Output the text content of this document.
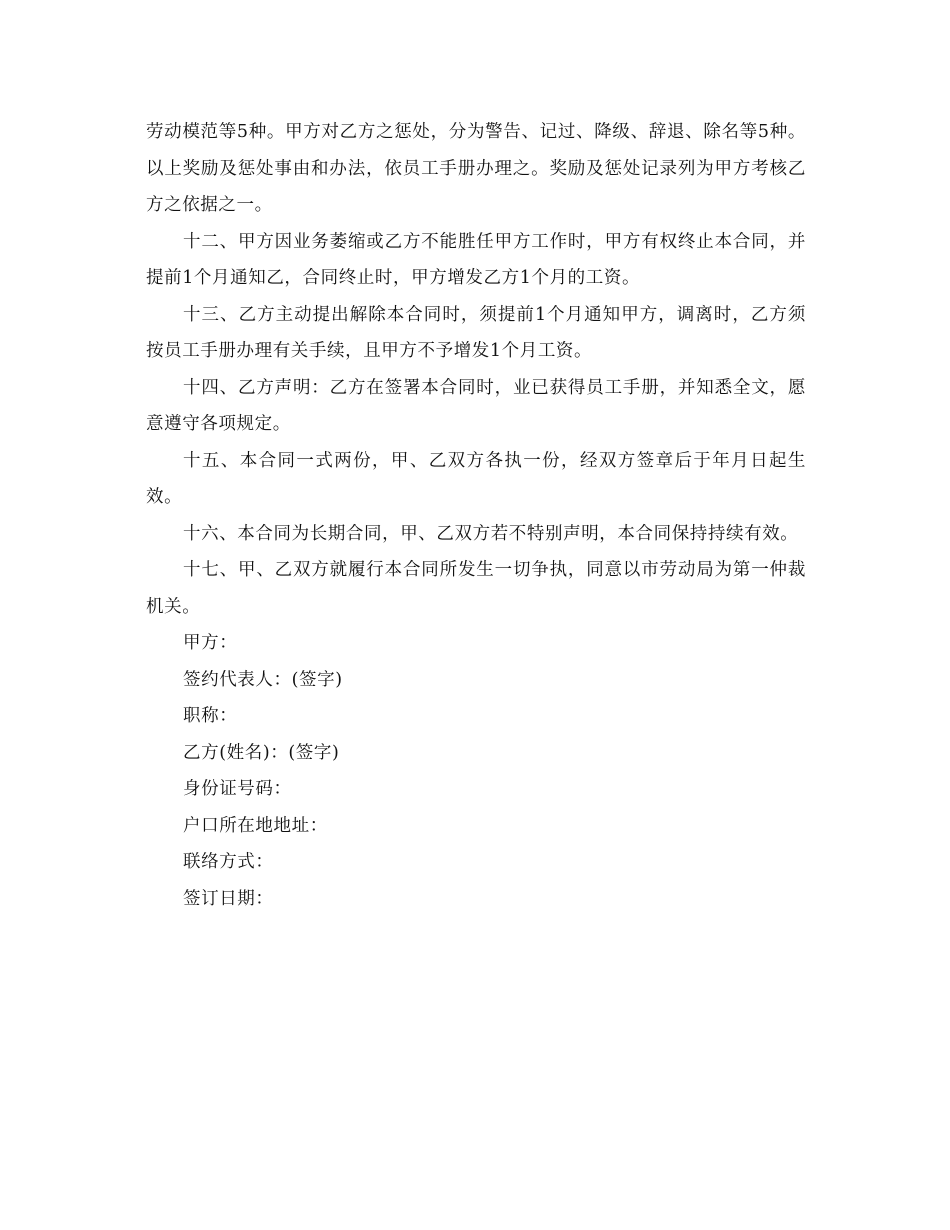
劳动模范等5种。甲方对乙方之惩处，分为警告、记过、降级、辞退、除名等5种。以上奖励及惩处事由和办法，依员工手册办理之。奖励及惩处记录列为甲方考核乙方之依据之一。

十二、甲方因业务萎缩或乙方不能胜任甲方工作时，甲方有权终止本合同，并提前1个月通知乙，合同终止时，甲方增发乙方1个月的工资。

十三、乙方主动提出解除本合同时，须提前1个月通知甲方，调离时，乙方须按员工手册办理有关手续，且甲方不予增发1个月工资。

十四、乙方声明：乙方在签署本合同时，业已获得员工手册，并知悉全文，愿意遵守各项规定。

十五、本合同一式两份，甲、乙双方各执一份，经双方签章后于年月日起生效。

十六、本合同为长期合同，甲、乙双方若不特别声明，本合同保持持续有效。

十七、甲、乙双方就履行本合同所发生一切争执，同意以市劳动局为第一仲裁机关。

甲方：

签约代表人：(签字)

职称：

乙方(姓名)：(签字)

身份证号码：

户口所在地地址：

联络方式：

签订日期：
